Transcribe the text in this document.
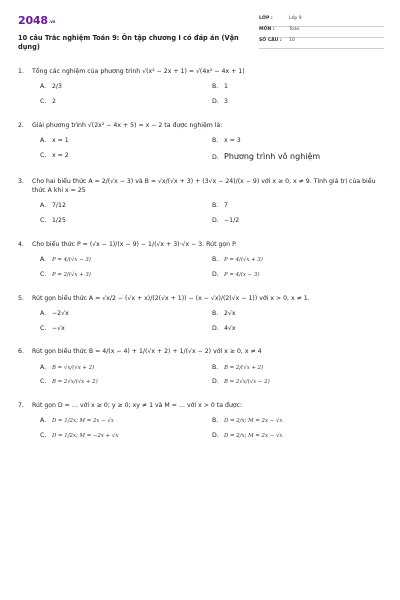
2048.vn
10 câu Trắc nghiệm Toán 9: Ôn tập chương I có đáp án (Vận dụng)
LỚP :	Lớp 9
MÔN :	Toán
SỐ CÂU :	10
1.	Tổng các nghiệm của phương trình √(x² − 2x + 1) = √(4x² − 4x + 1)
A. 2/3	B. 1
C. 2	D. 3
2.	Giải phương trình √(2x² − 4x + 5) = x − 2 ta được nghiệm là:
A. x = 1	B. x = 3
C. x = 2	D. Phương trình vô nghiệm
3.	Cho hai biểu thức A = 2/(√x − 3) và B = √x/(√x + 3) + (3√x − 24)/(x − 9) với x ≥ 0, x ≠ 9. Tính giá trị của biểu thức A khi x = 25
A. 7/12	B. 7
C. 1/25	D. −1/2
4.	Cho biểu thức P = (√x − 1)/(x − 9) − 1/(√x + 3)·√x − 3. Rút gọn P.
A.	P = 4/(√x − 3)	B.	P = 4/(√x + 3)
C.	P = 2/(√x + 3)	D. P = 4/(x − 3)
5.	Rút gọn biểu thức A = √x/2 − (√x + x)/(2(√x + 1)) − (x − √x)/(2(√x − 1)) với x > 0, x ≠ 1.
A. −2√x	B. 2√x
C. −√x	D. 4√x
6.	Rút gọn biểu thức B = 4/(x − 4) + 1/(√x + 2) + 1/(√x − 2) với x ≥ 0, x ≠ 4
A.	B = √x/(√x + 2)	B.	B = 2/(√x + 2)
C.	B = 2√x/(√x + 2)	D. B = 2√x/(√x − 2)
7.	Rút gọn D = … với x ≥ 0; y ≥ 0; xy ≠ 1 và M = … với x > 0 ta được:
A.	D = 1/2x; M = 2x − √x	B.	D = 2/x; M = 2x − √x
C.	D = 1/2x; M = −2x + √x	D. D = 2/x; M = 2x − √x
